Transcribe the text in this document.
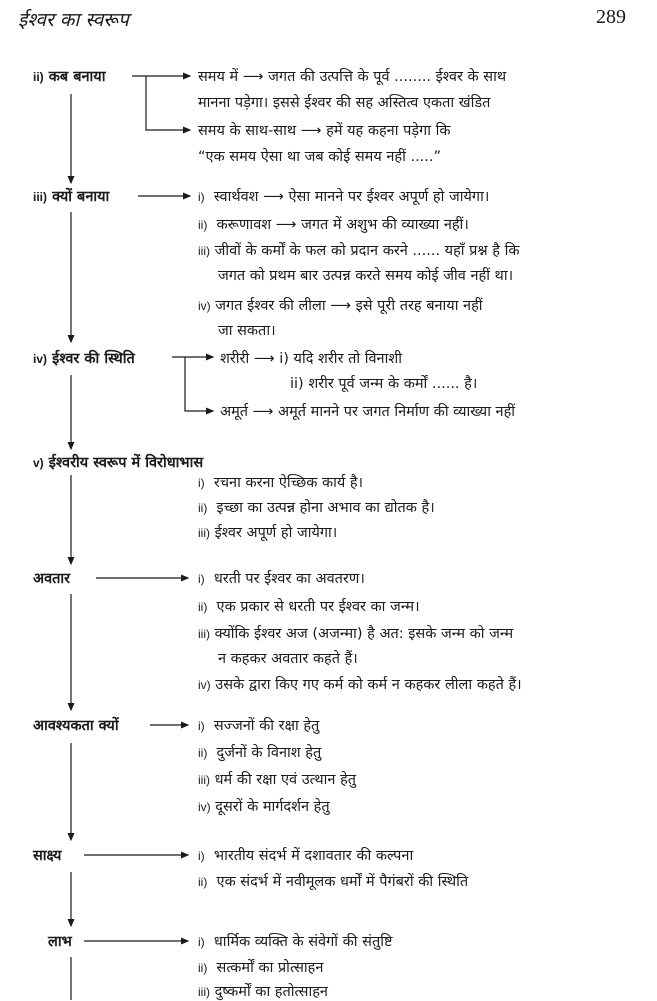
ईश्वर का स्वरूप	289
ii) कब बनाया	समय में ⟶ जगत की उत्पत्ति के पूर्व ........ ईश्वर के साथ
मानना पड़ेगा। इससे ईश्वर की सह अस्तित्व एकता खंडित
समय के साथ-साथ ⟶ हमें यह कहना पड़ेगा कि
“एक समय ऐसा था जब कोई समय नहीं .....”
iii) क्यों बनाया	i) स्वार्थवश ⟶ ऐसा मानने पर ईश्वर अपूर्ण हो जायेगा।
ii) करूणावश ⟶ जगत में अशुभ की व्याख्या नहीं।
iii) जीवों के कर्मों के फल को प्रदान करने ...... यहाँ प्रश्न है कि
जगत को प्रथम बार उत्पन्न करते समय कोई जीव नहीं था।
iv) जगत ईश्वर की लीला ⟶ इसे पूरी तरह बनाया नहीं
जा सकता।
iv) ईश्वर की स्थिति	शरीरी ⟶ i) यदि शरीर तो विनाशी
ii) शरीर पूर्व जन्म के कर्मों ...... है।
अमूर्त ⟶ अमूर्त मानने पर जगत निर्माण की व्याख्या नहीं
v) ईश्वरीय स्वरूप में विरोधाभास
i) रचना करना ऐच्छिक कार्य है।
ii) इच्छा का उत्पन्न होना अभाव का द्योतक है।
iii) ईश्वर अपूर्ण हो जायेगा।
अवतार	i) धरती पर ईश्वर का अवतरण।
ii) एक प्रकार से धरती पर ईश्वर का जन्म।
iii) क्योंकि ईश्वर अज (अजन्मा) है अत: इसके जन्म को जन्म
न कहकर अवतार कहते हैं।
iv) उसके द्वारा किए गए कर्म को कर्म न कहकर लीला कहते हैं।
आवश्यकता क्यों	i) सज्जनों की रक्षा हेतु
ii) दुर्जनों के विनाश हेतु
iii) धर्म की रक्षा एवं उत्थान हेतु
iv) दूसरों के मार्गदर्शन हेतु
साक्ष्य	i) भारतीय संदर्भ में दशावतार की कल्पना
ii) एक संदर्भ में नवीमूलक धर्मों में पैगंबरों की स्थिति
लाभ	i) धार्मिक व्यक्ति के संवेगों की संतुष्टि
ii) सत्कर्मों का प्रोत्साहन
iii) दुष्कर्मों का हतोत्साहन
